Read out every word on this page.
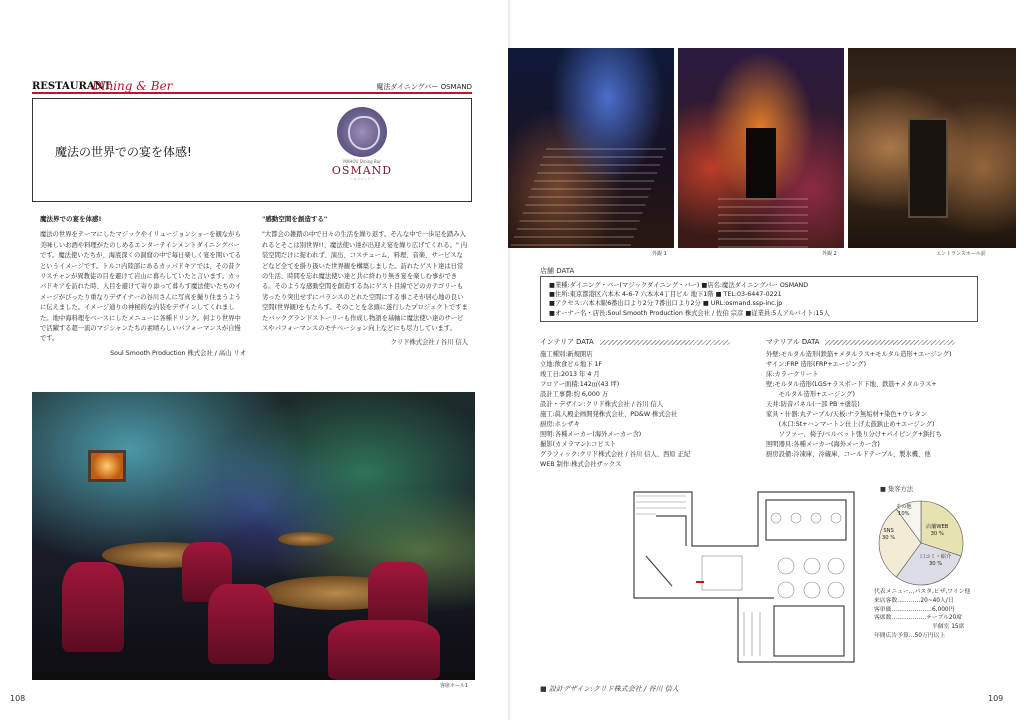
RESTAURANT
Dining & Ber	魔法ダイニングバー OSMAND
魔法の世界での宴を体感!
MAHOU Dining Bar
OSMAND
～オズマンド～
魔法界での宴を体感!
魔法の世界をテーマにしたマジックやイリュージョンショーを観ながら美味しいお酒や料理がたのしめるエンターテインメントダイニングバーです。魔法使いたちが、海底深くの洞窟の中で毎日楽しく宴を開いてるというイメージです。トルコ内陸部にあるカッパドキアでは、その昔クリスチャンが異教徒の目を避けて岩山に暮らしていたと言います。カッパドキアを訪れた時、人目を避けて寄り添って暮らす魔法使いたちのイメージがぴったり重なりデザイナーの谷川さんに写真を撮り住まうように伝えました。イメージ通りの神秘的な内装をデザインしてくれました。地中海料理をベースにしたメニューに各種ドリンク。何より世界中で活躍する超一流のマジシャンたちの素晴らしいパフォーマンスが自慢です。
Soul Smooth Production 株式会社 / 高山 リオ
"感動空間を創造する"
"大都会の雑踏の中で日々の生活を繰り返す。そんな中で一歩足を踏み入れるとそこは別世界!!、魔法使い達が出迎え宴を繰り広げてくれる。" 内装空間だけに捉われず、演出、コスチューム、料理、音楽、サービスなどなど全てを掛り扱いた世界観を構築しました。訪れたゲスト達は日常の生活、時間を忘れ魔法使い達と共に終わり無き宴を楽しむ事ができる。そのような感動空間を創造する為にゲスト目線でどのカテゴリーも劣ったり突出せずにバランスのとれた空間にする事こそが居心地の良い空間(世界観)をもたらす。そのことを念頭に遂行したプロジェクトですまたバックグランドストーリーも作成し物語を基軸に魔法使い達のサービスやパフォーマンスのモチベーション向上などにも尽力しています。
クリド株式会社 / 谷川 信人
客席ホール1
108
外観 1	外観 2	エントランスホール前
店舗 DATA
■業種:ダイニング・バー(マジックダイニング・バー) ■店名:魔法ダイニングバー OSMAND
■住所:東京都港区六本木 4-6-7 六本木4丁目ビル 地下1階 ■ TEL:03-6447-0221
■アクセス:六本木駅6番出口より2分 7番出口より2分 ■ URL:osmand.ssp-inc.jp
■オーナー名・店長:Soul Smooth Production 株式会社 / 佐伯 宗彦 ■従業員:5人アルバイト:15人
インテリア DATA	マテリアル DATA
施工種別:新規開店
立地:飲食ビル地下 1F
竣工日:2013 年 4 月
フロアー面積:142㎡(43 坪)
設計工事費:約 6,000 万
設計・デザイン:クリド株式会社 / 谷川 信人
施工:眞人殿企画開発株式会社、PD&W 株式会社
厨房:ホシザキ
照明:各種メーカー(海外メーカー含)
撮影(カメラマン):コビスト
グラフィック:クリド株式会社 / 谷川 信人、西原 正紀
WEB 制作:株式会社ザックス
外壁:モルタル造形(鉄筋+メタルラス+モルタル造形+エージング)
サイン:FRP 造形(FRP+エージング)
床:カラークリート
壁:モルタル造形(LGS+ラスボード下地、鉄筋+メタルラス+
　　モルタル造形+エージング)
天井:防音パネル(一部 PB +塗装)
家具・什器:丸テーブル/天板:ナラ無垢材+染色+ウレタン
　　(木口:St+ハンマートン仕上げ太鼓鋲止め+エージング)
　　ソファー、椅子/ベルベット張り分け+パイピング+鋲打ち
照明器具:各種メーカー(海外メーカー含)
厨房設備:冷凍庫、冷蔵庫、コールドテーブル、製氷機、他
■ 集客方法
店舗WEB
30 %
口コミ・紹介
30 %
SNS
30 %
その他
10%
代表メニュー…パスタ,ピザ,ワイン他
来店客数…………20~40人/日
客単価…………………6,000円
客席数………………テーブル20席
　　　　　　　　　　半個室 15席
年間広告予算…50万円以上
■ 設計デザイン:クリド株式会社 / 谷川 信人
109
